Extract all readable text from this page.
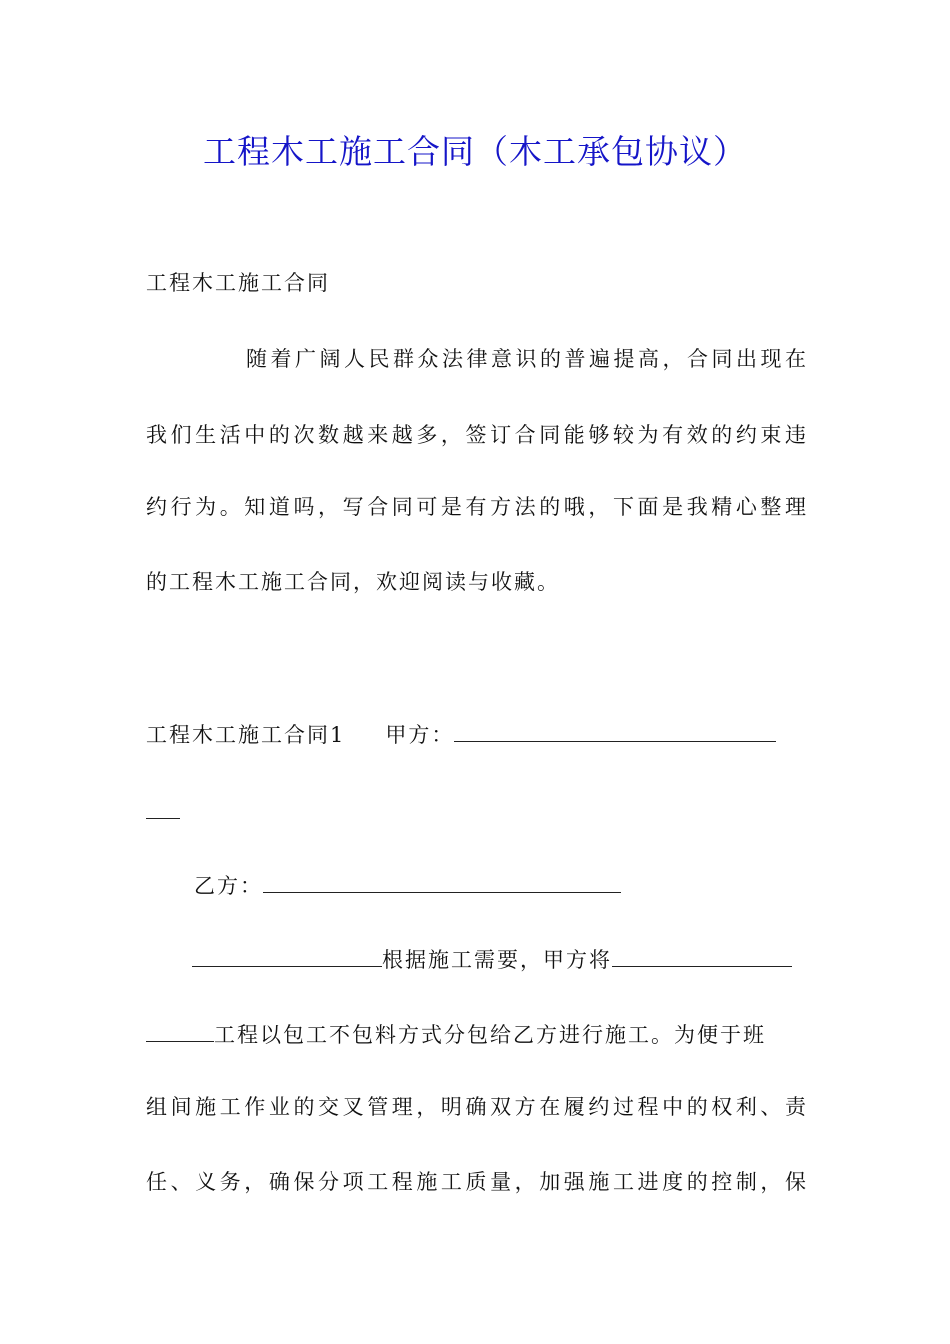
工程木工施工合同（木工承包协议）
工程木工施工合同
随着广阔人民群众法律意识的普遍提高，合同出现在
我们生活中的次数越来越多，签订合同能够较为有效的约束违
约行为。知道吗，写合同可是有方法的哦，下面是我精心整理
的工程木工施工合同，欢迎阅读与收藏。
工程木工施工合同1 甲方：
乙方：
根据施工需要，甲方将
工程以包工不包料方式分包给乙方进行施工。为便于班
组间施工作业的交叉管理，明确双方在履约过程中的权利、责
任、义务，确保分项工程施工质量，加强施工进度的控制，保
